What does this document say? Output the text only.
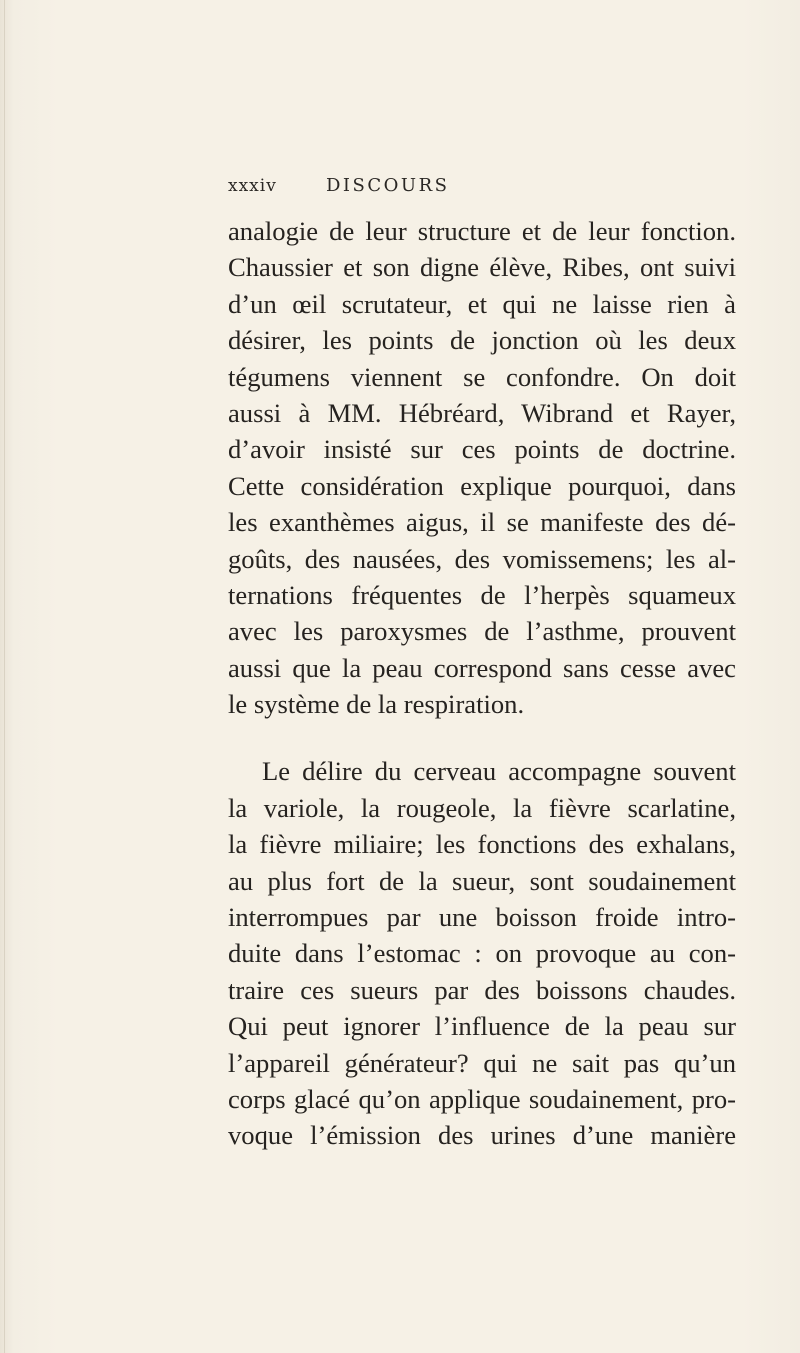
xxxiv	DISCOURS
analogie de leur structure et de leur fonction.
Chaussier et son digne élève, Ribes, ont suivi
d’un œil scrutateur, et qui ne laisse rien à
désirer, les points de jonction où les deux
tégumens viennent se confondre. On doit
aussi à MM. Hébréard, Wibrand et Rayer,
d’avoir insisté sur ces points de doctrine.
Cette considération explique pourquoi, dans
les exanthèmes aigus, il se manifeste des dé-
goûts, des nausées, des vomissemens; les al-
ternations fréquentes de l’herpès squameux
avec les paroxysmes de l’asthme, prouvent
aussi que la peau correspond sans cesse avec
le système de la respiration.
Le délire du cerveau accompagne souvent
la variole, la rougeole, la fièvre scarlatine,
la fièvre miliaire; les fonctions des exhalans,
au plus fort de la sueur, sont soudainement
interrompues par une boisson froide intro-
duite dans l’estomac : on provoque au con-
traire ces sueurs par des boissons chaudes.
Qui peut ignorer l’influence de la peau sur
l’appareil générateur? qui ne sait pas qu’un
corps glacé qu’on applique soudainement, pro-
voque l’émission des urines d’une manière
